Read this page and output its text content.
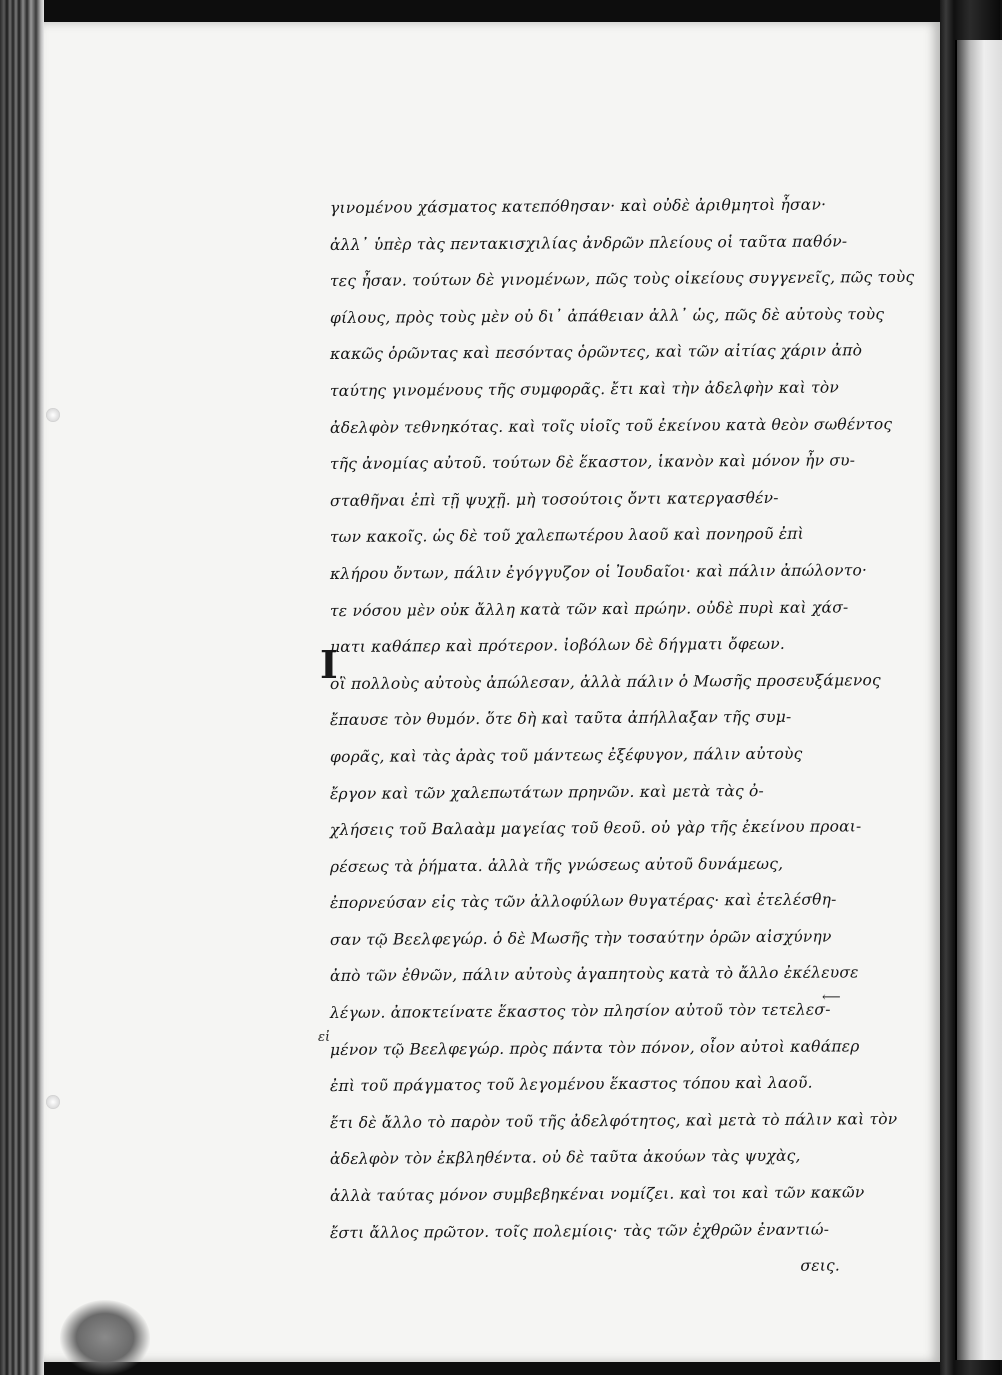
I
γινομένου χάσματος κατεπόθησαν· καὶ οὐδὲ ἀριθμητοὶ ἦσαν·
ἀλλ᾽ ὑπὲρ τὰς πεντακισχιλίας ἀνδρῶν πλείους οἱ ταῦτα παθόν-
τες ἦσαν. τούτων δὲ γινομένων, πῶς τοὺς οἰκείους συγγενεῖς, πῶς τοὺς
φίλους, πρὸς τοὺς μὲν οὐ δι᾽ ἀπάθειαν ἀλλ᾽ ὡς, πῶς δὲ αὐτοὺς τοὺς
κακῶς ὁρῶντας καὶ πεσόντας ὁρῶντες, καὶ τῶν αἰτίας χάριν ἀπὸ
ταύτης γινομένους τῆς συμφορᾶς. ἔτι καὶ τὴν ἀδελφὴν καὶ τὸν
ἀδελφὸν τεθνηκότας. καὶ τοῖς υἱοῖς τοῦ ἐκείνου κατὰ θεὸν σωθέντος
τῆς ἀνομίας αὐτοῦ. τούτων δὲ ἕκαστον, ἱκανὸν καὶ μόνον ἦν συ-
σταθῆναι ἐπὶ τῇ ψυχῇ. μὴ τοσούτοις ὄντι κατεργασθέν-
των κακοῖς. ὡς δὲ τοῦ χαλεπωτέρου λαοῦ καὶ πονηροῦ ἐπὶ
κλήρου ὄντων, πάλιν ἐγόγγυζον οἱ Ἰουδαῖοι· καὶ πάλιν ἀπώλοντο·
τε νόσου μὲν οὐκ ἄλλη κατὰ τῶν καὶ πρώην. οὐδὲ πυρὶ καὶ χάσ-
ματι καθάπερ καὶ πρότερον. ἰοβόλων δὲ δήγματι ὄφεων.
οἳ πολλοὺς αὐτοὺς ἀπώλεσαν, ἀλλὰ πάλιν ὁ Μωσῆς προσευξάμενος
ἔπαυσε τὸν θυμόν. ὅτε δὴ καὶ ταῦτα ἀπήλλαξαν τῆς συμ-
φορᾶς, καὶ τὰς ἀρὰς τοῦ μάντεως ἐξέφυγον, πάλιν αὐτοὺς
ἔργον καὶ τῶν χαλεπωτάτων πρηνῶν. καὶ μετὰ τὰς ὀ-
χλήσεις τοῦ Βαλαὰμ μαγείας τοῦ θεοῦ. οὐ γὰρ τῆς ἐκείνου προαι-
ρέσεως τὰ ῥήματα. ἀλλὰ τῆς γνώσεως αὐτοῦ δυνάμεως,
ἐπορνεύσαν εἰς τὰς τῶν ἀλλοφύλων θυγατέρας· καὶ ἐτελέσθη-
σαν τῷ Βεελφεγώρ. ὁ δὲ Μωσῆς τὴν τοσαύτην ὁρῶν αἰσχύνην
ἀπὸ τῶν ἐθνῶν, πάλιν αὐτοὺς ἀγαπητοὺς κατὰ τὸ ἄλλο ἐκέλευσε
λέγων. ἀποκτείνατε ἕκαστος τὸν πλησίον αὐτοῦ τὸν τετελεσ-
μένον τῷ Βεελφεγώρ. πρὸς πάντα τὸν πόνον, οἷον αὐτοὶ καθάπερ
ἐπὶ τοῦ πράγματος τοῦ λεγομένου ἕκαστος τόπου καὶ λαοῦ.
ἔτι δὲ ἄλλο τὸ παρὸν τοῦ τῆς ἀδελφότητος, καὶ μετὰ τὸ πάλιν καὶ τὸν
ἀδελφὸν τὸν ἐκβληθέντα. οὐ δὲ ταῦτα ἀκούων τὰς ψυχὰς,
ἀλλὰ ταύτας μόνον συμβεβηκέναι νομίζει. καὶ τοι καὶ τῶν κακῶν
ἔστι ἄλλος πρῶτον. τοῖς πολεμίοις· τὰς τῶν ἐχθρῶν ἐναντιώ-
σεις.
εἰ
⟵
